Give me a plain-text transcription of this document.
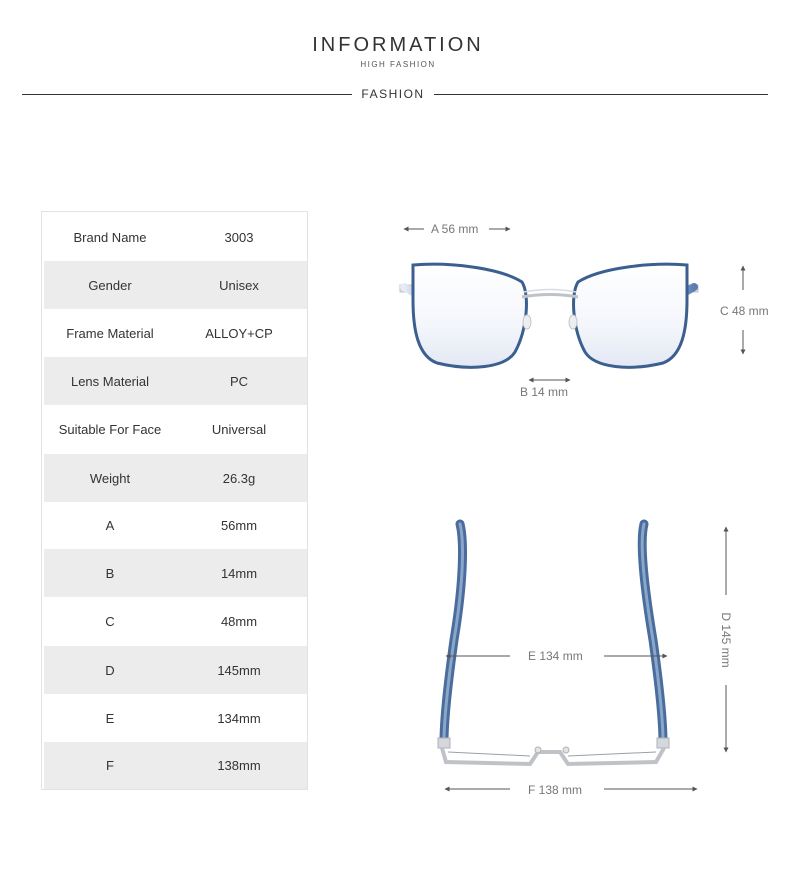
INFORMATION
HIGH FASHION
FASHION
Brand Name	3003
Gender	Unisex
Frame Material	ALLOY+CP
Lens Material	PC
Suitable For Face	Universal
Weight	26.3g
A	56mm
B	14mm
C	48mm
D	145mm
E	134mm
F	138mm
A 56 mm
B 14 mm
C 48 mm
E 134 mm
F 138 mm
D 145 mm
